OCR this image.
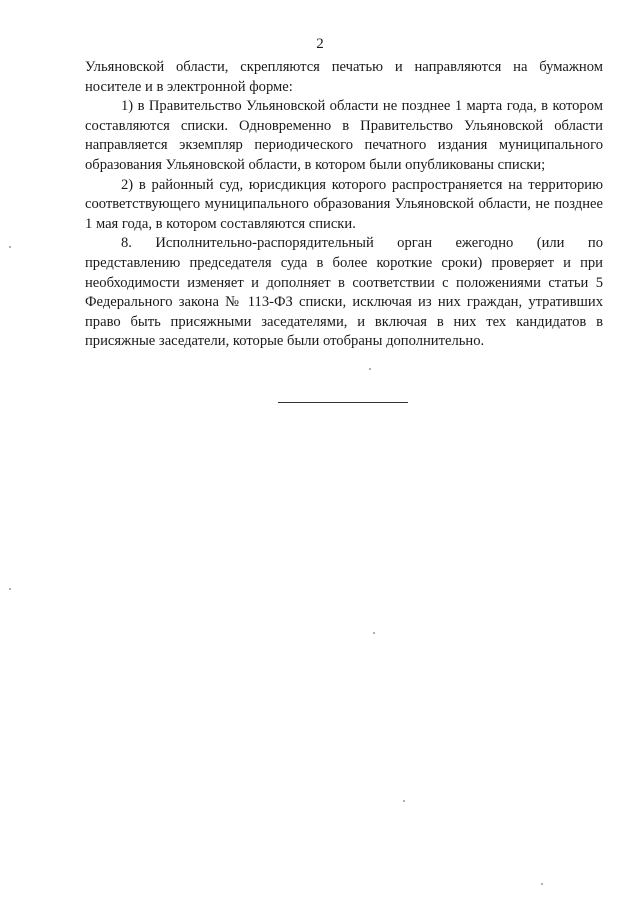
2

Ульяновской области, скрепляются печатью и направляются на бумажном носителе и в электронной форме:

1) в Правительство Ульяновской области не позднее 1 марта года, в котором составляются списки. Одновременно в Правительство Ульяновской области направляется экземпляр периодического печатного издания муниципального образования Ульяновской области, в котором были опубликованы списки;

2) в районный суд, юрисдикция которого распространяется на территорию соответствующего муниципального образования Ульяновской области, не позднее 1 мая года, в котором составляются списки.

8. Исполнительно-распорядительный орган ежегодно (или по представлению председателя суда в более короткие сроки) проверяет и при необходимости изменяет и дополняет в соответствии с положениями статьи 5 Федерального закона № 113-ФЗ списки, исключая из них граждан, утративших право быть присяжными заседателями, и включая в них тех кандидатов в присяжные заседатели, которые были отобраны дополнительно.
